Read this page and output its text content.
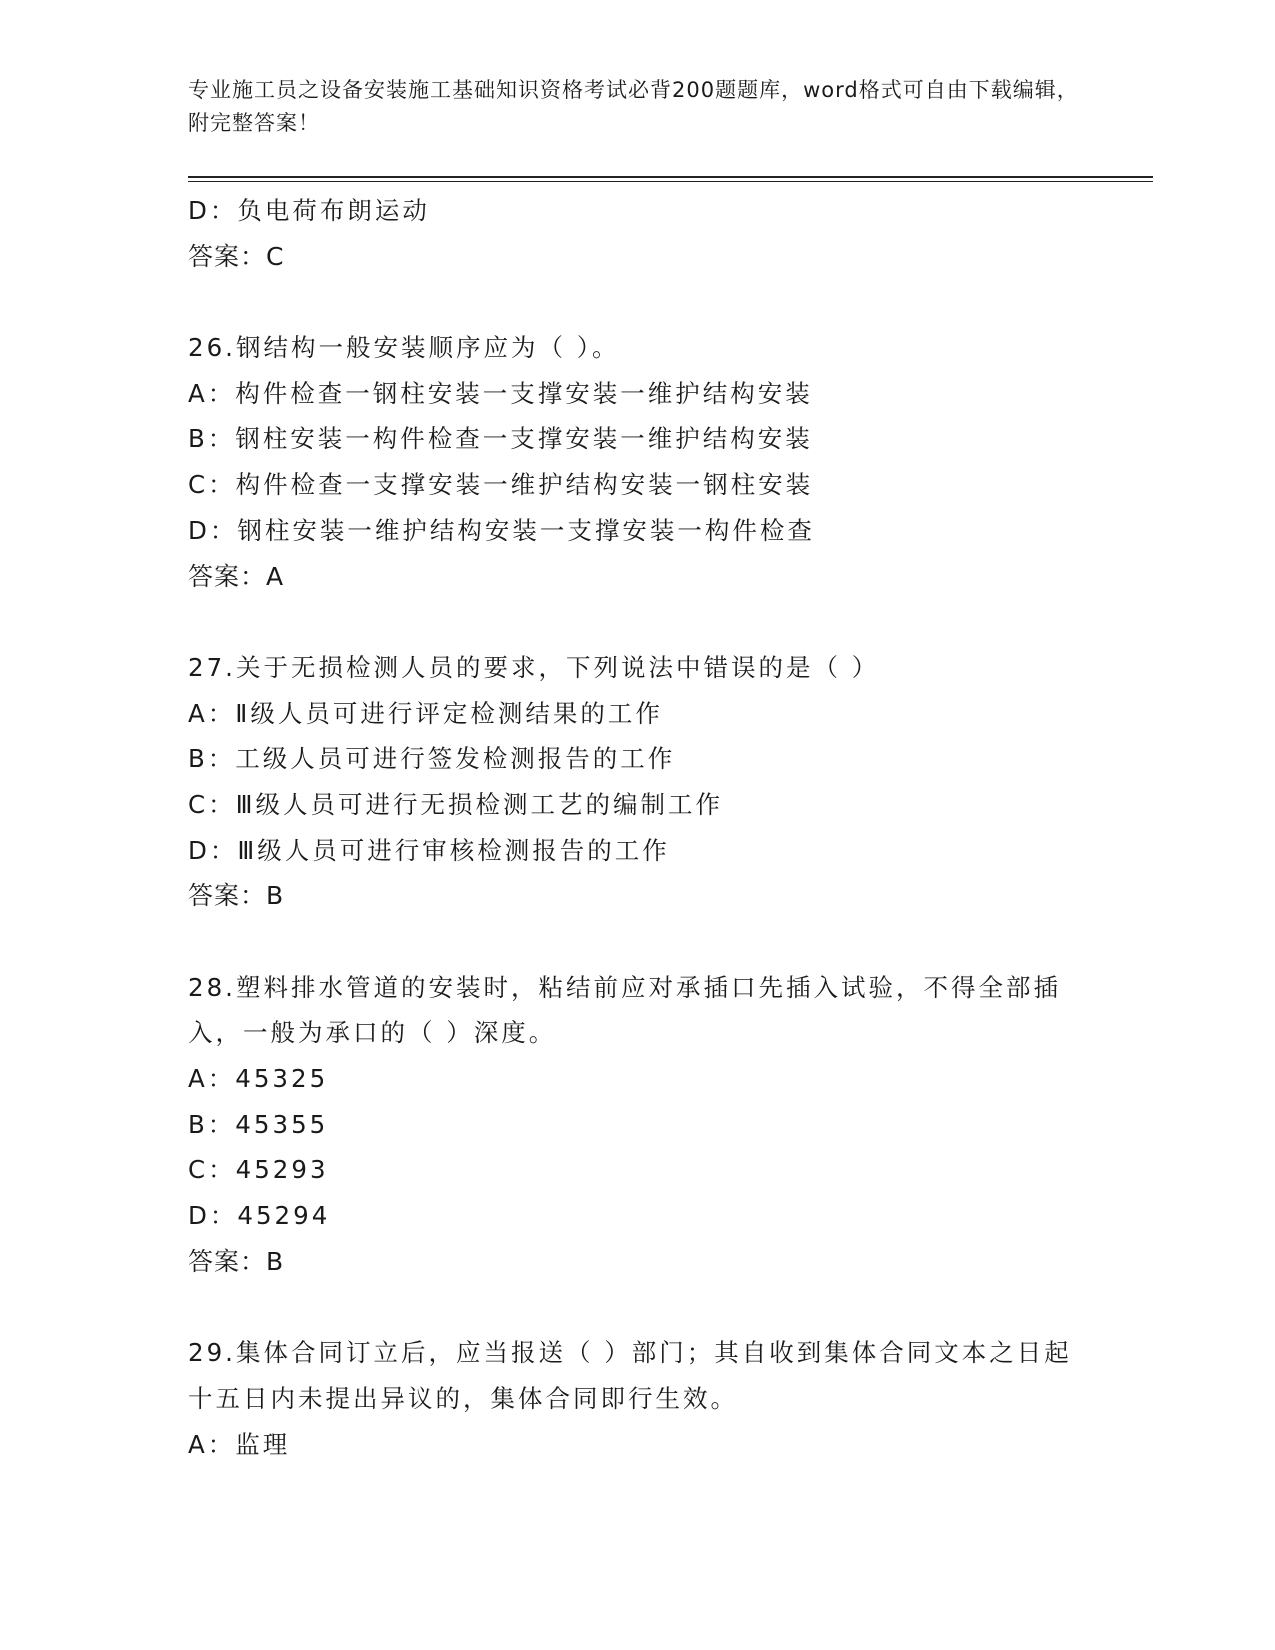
专业施工员之设备安装施工基础知识资格考试必背200题题库，word格式可自由下载编辑，附完整答案！
D：负电荷布朗运动
答案：C
26.钢结构一般安装顺序应为（ ）。
A：构件检查一钢柱安装一支撑安装一维护结构安装
B：钢柱安装一构件检查一支撑安装一维护结构安装
C：构件检查一支撑安装一维护结构安装一钢柱安装
D：钢柱安装一维护结构安装一支撑安装一构件检查
答案：A
27.关于无损检测人员的要求，下列说法中错误的是（ ）
A：Ⅱ级人员可进行评定检测结果的工作
B：工级人员可进行签发检测报告的工作
C：Ⅲ级人员可进行无损检测工艺的编制工作
D：Ⅲ级人员可进行审核检测报告的工作
答案：B
28.塑料排水管道的安装时，粘结前应对承插口先插入试验，不得全部插入，一般为承口的（ ）深度。
A：45325
B：45355
C：45293
D：45294
答案：B
29.集体合同订立后，应当报送（ ）部门；其自收到集体合同文本之日起十五日内未提出异议的，集体合同即行生效。
A：监理
